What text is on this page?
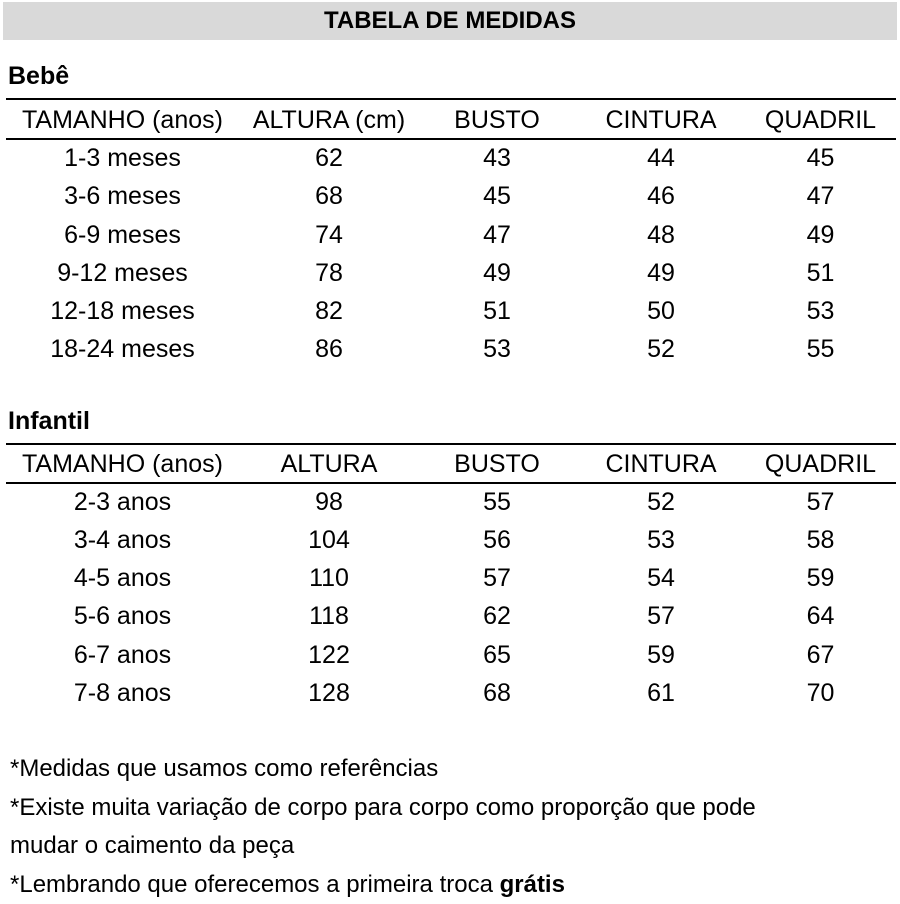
TABELA DE MEDIDAS
Bebê
TAMANHO (anos)	ALTURA (cm)	BUSTO	CINTURA	QUADRIL
1-3 meses	62	43	44	45
3-6 meses	68	45	46	47
6-9 meses	74	47	48	49
9-12 meses	78	49	49	51
12-18 meses	82	51	50	53
18-24 meses	86	53	52	55
Infantil
TAMANHO (anos)	ALTURA	BUSTO	CINTURA	QUADRIL
2-3 anos	98	55	52	57
3-4 anos	104	56	53	58
4-5 anos	110	57	54	59
5-6 anos	118	62	57	64
6-7 anos	122	65	59	67
7-8 anos	128	68	61	70
*Medidas que usamos como referências
*Existe muita variação de corpo para corpo como proporção que pode
mudar o caimento da peça
*Lembrando que oferecemos a primeira troca grátis
